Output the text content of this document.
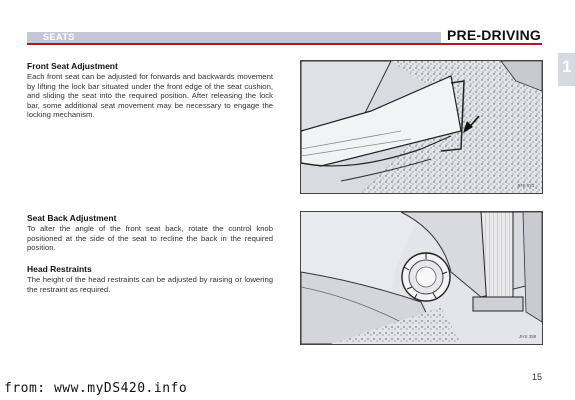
SEATS	PRE-DRIVING
1
Front Seat Adjustment

Each front seat can be adjusted for forwards and backwards movement by lifting the lock bar situated under the front edge of the seat cushion, and sliding the seat into the required position. After releasing the lock bar, some additional seat movement may be necessary to engage the locking mechanism.

Seat Back Adjustment

To alter the angle of the front seat back, rotate the control knob positioned at the side of the seat to recline the back in the required position.

Head Restraints

The height of the head restraints can be adjusted by raising or lowering the restraint as required.

JHS 673
JHS 358
15
from: www.myDS420.info
